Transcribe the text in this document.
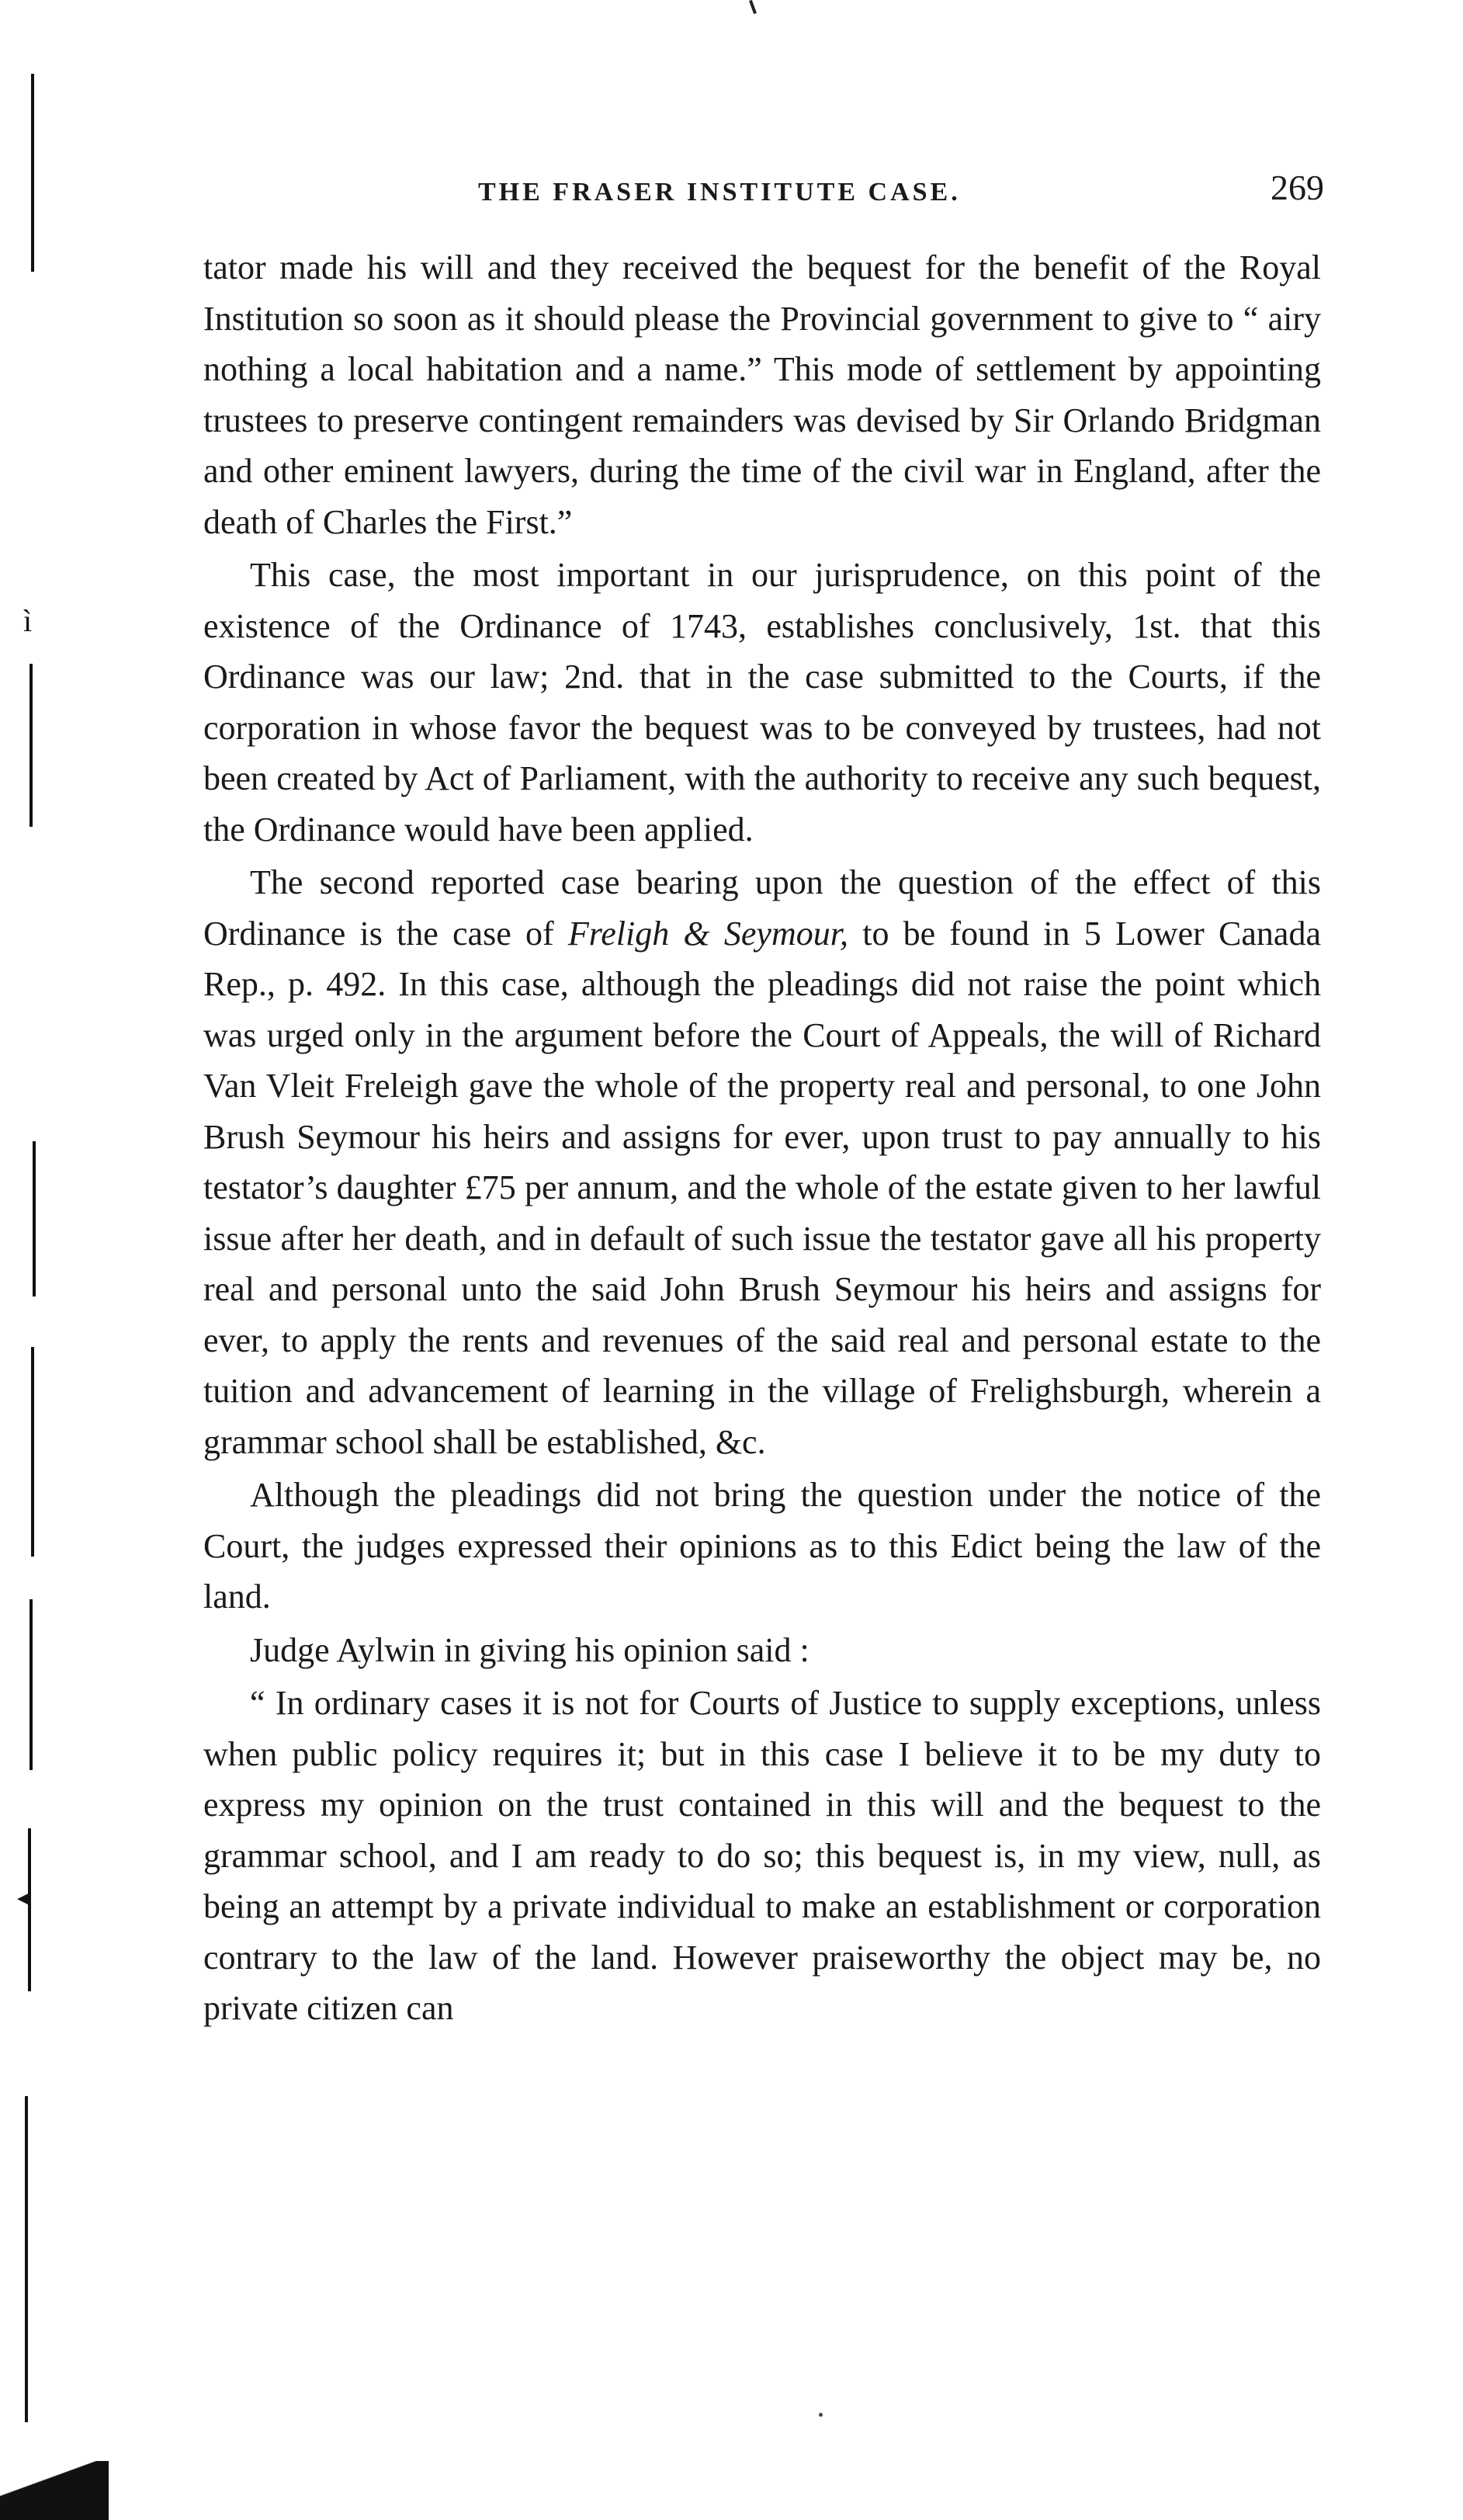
ì
◂
THE FRASER INSTITUTE CASE.	269

tator made his will and they received the bequest for the benefit of the Royal Institution so soon as it should please the Provincial government to give to “ airy nothing a local habitation and a name.” This mode of settlement by appointing trustees to preserve contingent remainders was devised by Sir Orlando Bridgman and other eminent lawyers, during the time of the civil war in England, after the death of Charles the First.”

This case, the most important in our jurisprudence, on this point of the existence of the Ordinance of 1743, establishes conclusively, 1st. that this Ordinance was our law; 2nd. that in the case submitted to the Courts, if the corporation in whose favor the bequest was to be conveyed by trustees, had not been created by Act of Parliament, with the authority to receive any such bequest, the Ordinance would have been applied.

The second reported case bearing upon the question of the effect of this Ordinance is the case of Freligh & Seymour, to be found in 5 Lower Canada Rep., p. 492. In this case, although the pleadings did not raise the point which was urged only in the argument before the Court of Appeals, the will of Richard Van Vleit Freleigh gave the whole of the property real and personal, to one John Brush Seymour his heirs and assigns for ever, upon trust to pay annually to his testator’s daughter £75 per annum, and the whole of the estate given to her lawful issue after her death, and in default of such issue the testator gave all his property real and personal unto the said John Brush Seymour his heirs and assigns for ever, to apply the rents and revenues of the said real and personal estate to the tuition and advancement of learning in the village of Frelighsburgh, wherein a grammar school shall be established, &c.

Although the pleadings did not bring the question under the notice of the Court, the judges expressed their opinions as to this Edict being the law of the land.

Judge Aylwin in giving his opinion said :

“ In ordinary cases it is not for Courts of Justice to supply exceptions, unless when public policy requires it; but in this case I believe it to be my duty to express my opinion on the trust contained in this will and the bequest to the grammar school, and I am ready to do so; this bequest is, in my view, null, as being an attempt by a private individual to make an establishment or corporation contrary to the law of the land. However praiseworthy the object may be, no private citizen can
